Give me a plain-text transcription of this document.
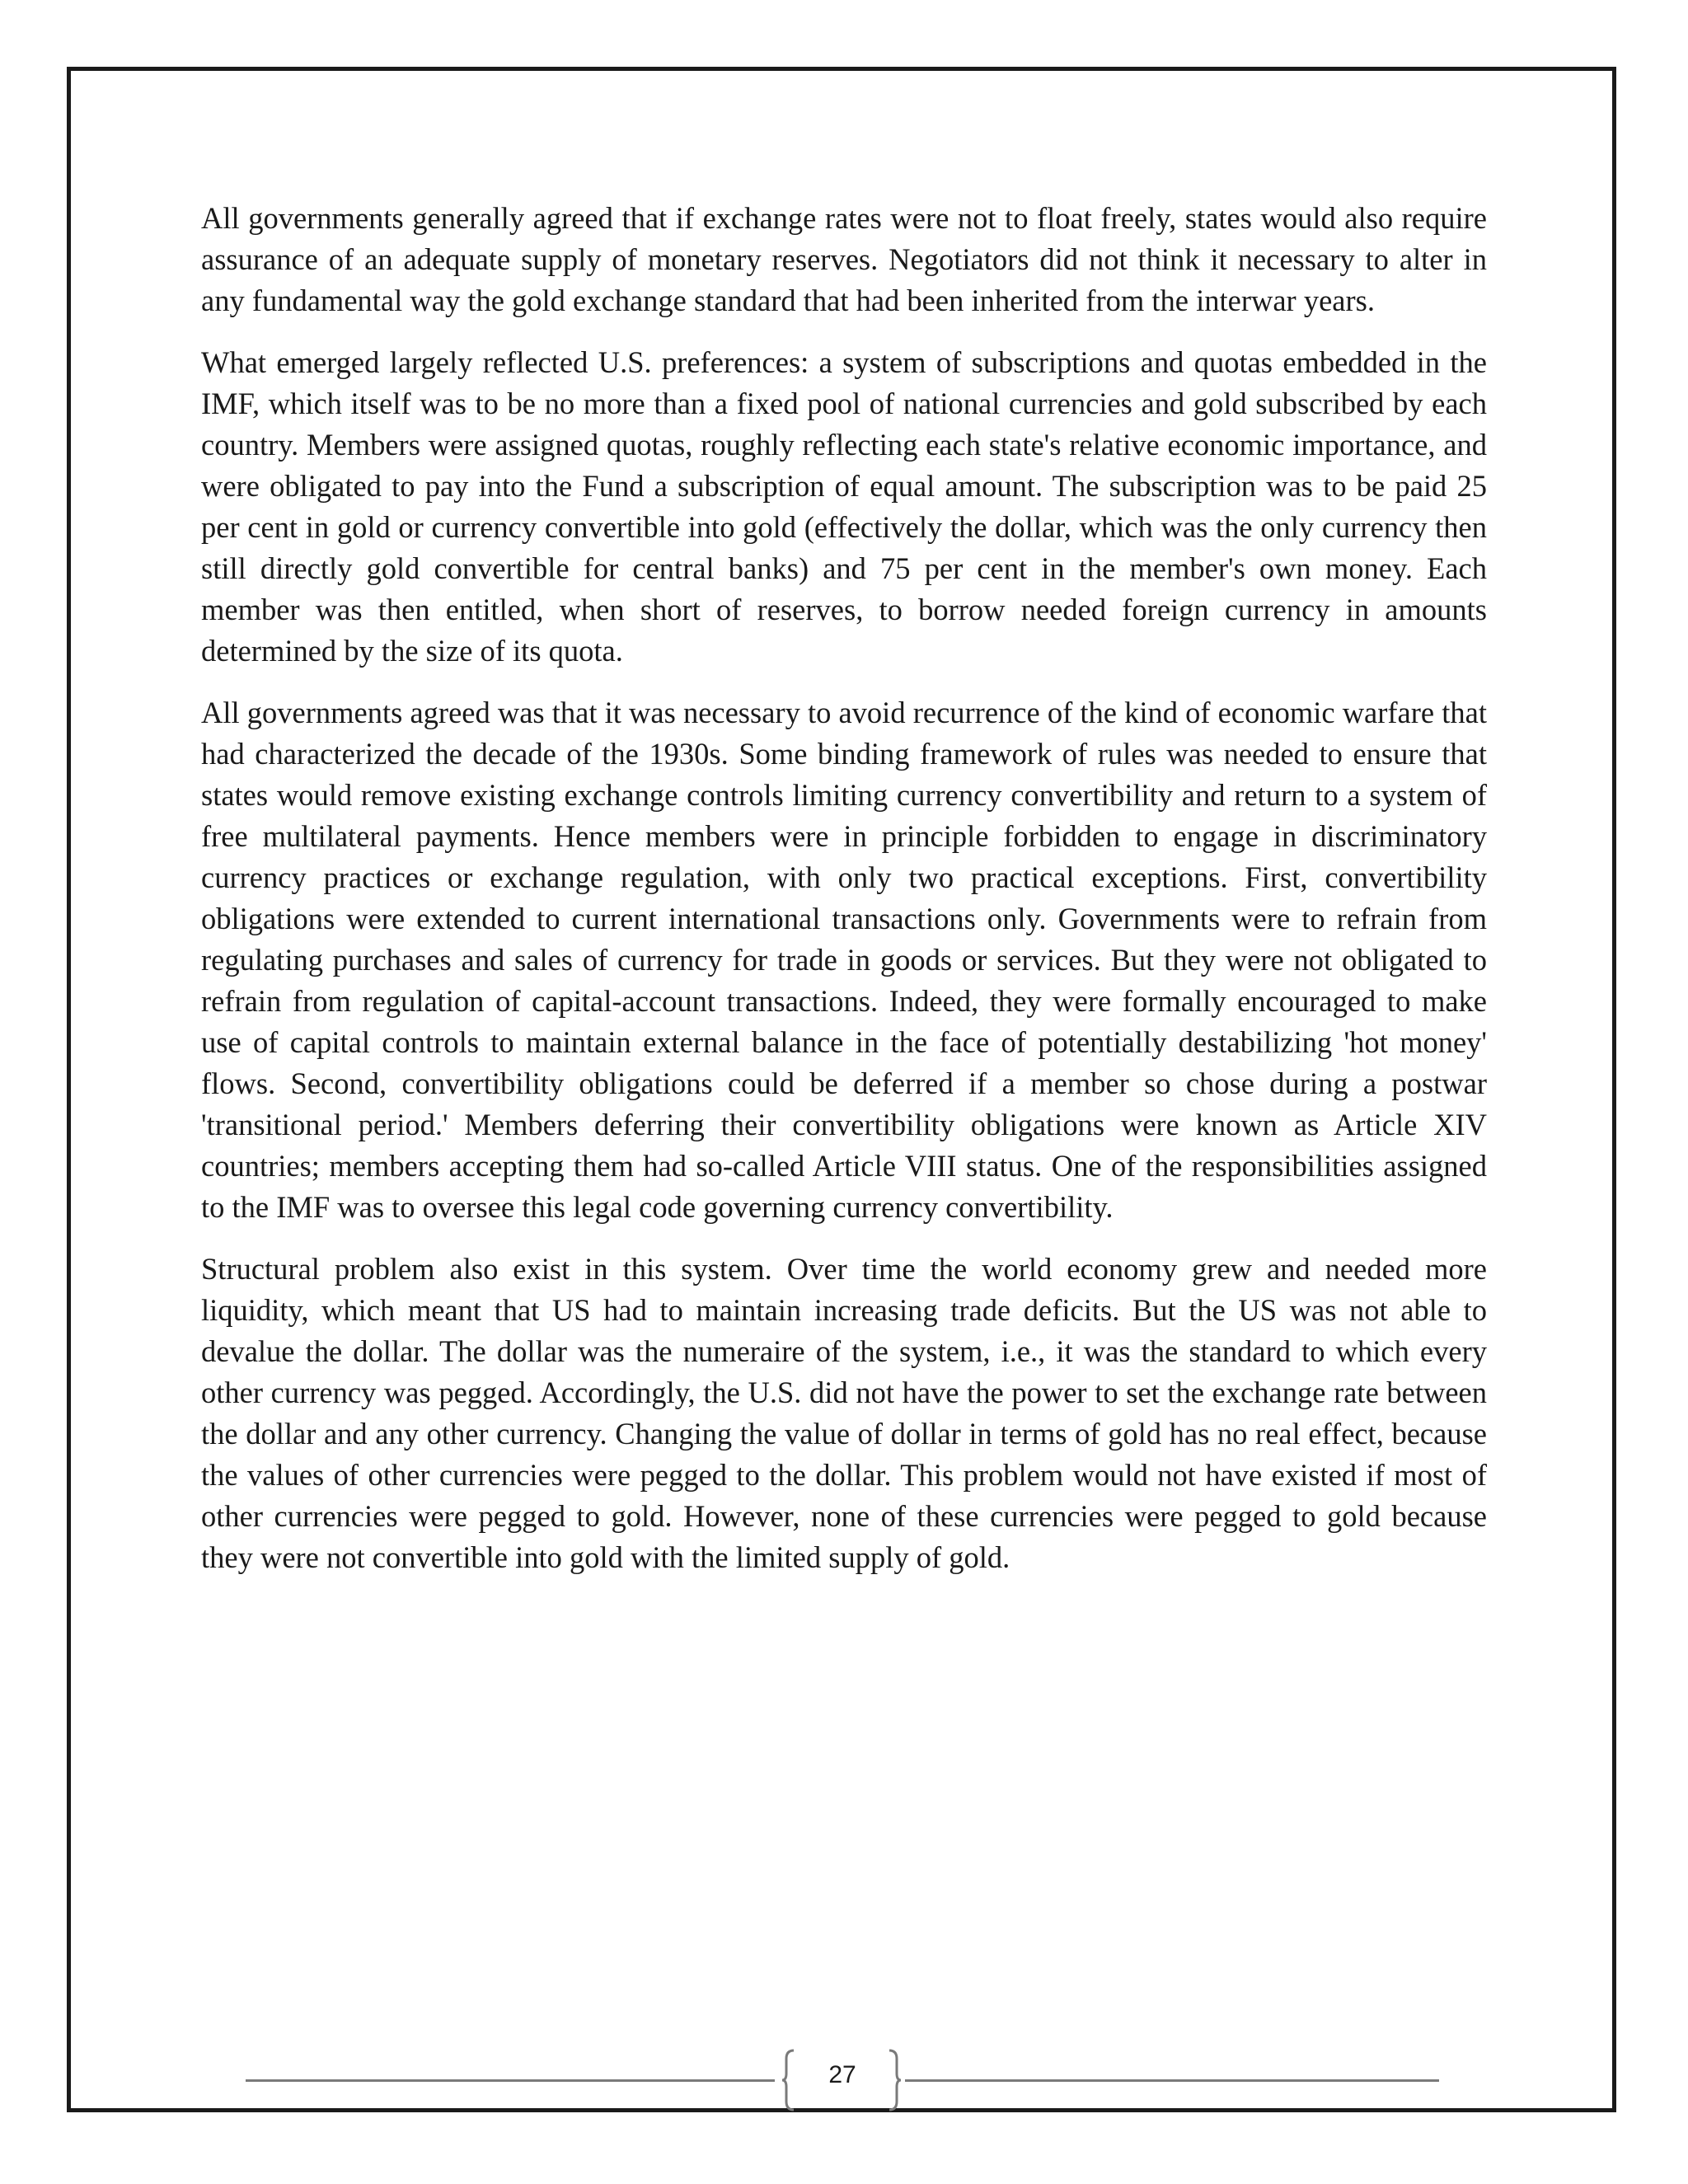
All governments generally agreed that if exchange rates were not to float freely, states would also require assurance of an adequate supply of monetary reserves. Negotiators did not think it necessary to alter in any fundamental way the gold exchange standard that had been inherited from the interwar years.

What emerged largely reflected U.S. preferences: a system of subscriptions and quotas embedded in the IMF, which itself was to be no more than a fixed pool of national currencies and gold subscribed by each country. Members were assigned quotas, roughly reflecting each state's relative economic importance, and were obligated to pay into the Fund a subscription of equal amount. The subscription was to be paid 25 per cent in gold or currency convertible into gold (effectively the dollar, which was the only currency then still directly gold convertible for central banks) and 75 per cent in the member's own money. Each member was then entitled, when short of reserves, to borrow needed foreign currency in amounts determined by the size of its quota.

All governments agreed was that it was necessary to avoid recurrence of the kind of economic warfare that had characterized the decade of the 1930s. Some binding framework of rules was needed to ensure that states would remove existing exchange controls limiting currency convertibility and return to a system of free multilateral payments. Hence members were in principle forbidden to engage in discriminatory currency practices or exchange regulation, with only two practical exceptions. First, convertibility obligations were extended to current international transactions only. Governments were to refrain from regulating purchases and sales of currency for trade in goods or services. But they were not obligated to refrain from regulation of capital-account transactions. Indeed, they were formally encouraged to make use of capital controls to maintain external balance in the face of potentially destabilizing 'hot money' flows. Second, convertibility obligations could be deferred if a member so chose during a postwar 'transitional period.' Members deferring their convertibility obligations were known as Article XIV countries; members accepting them had so-called Article VIII status. One of the responsibilities assigned to the IMF was to oversee this legal code governing currency convertibility.

Structural problem also exist in this system. Over time the world economy grew and needed more liquidity, which meant that US had to maintain increasing trade deficits. But the US was not able to devalue the dollar. The dollar was the numeraire of the system, i.e., it was the standard to which every other currency was pegged. Accordingly, the U.S. did not have the power to set the exchange rate between the dollar and any other currency. Changing the value of dollar in terms of gold has no real effect, because the values of other currencies were pegged to the dollar. This problem would not have existed if most of other currencies were pegged to gold. However, none of these currencies were pegged to gold because they were not convertible into gold with the limited supply of gold.

27
